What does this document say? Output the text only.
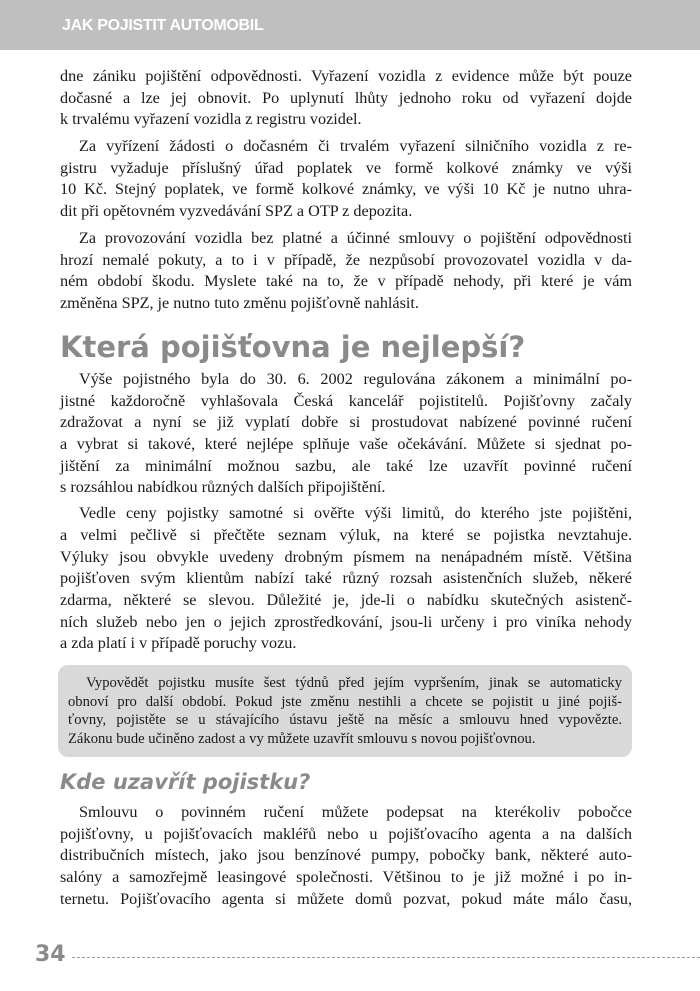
JAK POJISTIT AUTOMOBIL
dne zániku pojištění odpovědnosti. Vyřazení vozidla z evidence může být pouze
dočasné a lze jej obnovit. Po uplynutí lhůty jednoho roku od vyřazení dojde
k trvalému vyřazení vozidla z registru vozidel.
Za vyřízení žádosti o dočasném či trvalém vyřazení silničního vozidla z re-
gistru vyžaduje příslušný úřad poplatek ve formě kolkové známky ve výši
10 Kč. Stejný poplatek, ve formě kolkové známky, ve výši 10 Kč je nutno uhra-
dit při opětovném vyzvedávání SPZ a OTP z depozita.
Za provozování vozidla bez platné a účinné smlouvy o pojištění odpovědnosti
hrozí nemalé pokuty, a to i v případě, že nezpůsobí provozovatel vozidla v da-
ném období škodu. Myslete také na to, že v případě nehody, při které je vám
změněna SPZ, je nutno tuto změnu pojišťovně nahlásit.
Která pojišťovna je nejlepší?
Výše pojistného byla do 30. 6. 2002 regulována zákonem a minimální po-
jistné každoročně vyhlašovala Česká kancelář pojistitelů. Pojišťovny začaly
zdražovat a nyní se již vyplatí dobře si prostudovat nabízené povinné ručení
a vybrat si takové, které nejlépe splňuje vaše očekávání. Můžete si sjednat po-
jištění za minimální možnou sazbu, ale také lze uzavřít povinné ručení
s rozsáhlou nabídkou různých dalších připojištění.
Vedle ceny pojistky samotné si ověřte výši limitů, do kterého jste pojištěni,
a velmi pečlivě si přečtěte seznam výluk, na které se pojistka nevztahuje.
Výluky jsou obvykle uvedeny drobným písmem na nenápadném místě. Většina
pojišťoven svým klientům nabízí také různý rozsah asistenčních služeb, někeré
zdarma, některé se slevou. Důležité je, jde-li o nabídku skutečných asistenč-
ních služeb nebo jen o jejich zprostředkování, jsou-li určeny i pro viníka nehody
a zda platí i v případě poruchy vozu.
Vypovědět pojistku musíte šest týdnů před jejím vypršením, jinak se automaticky
obnoví pro další období. Pokud jste změnu nestihli a chcete se pojistit u jiné pojiš-
ťovny, pojistěte se u stávajícího ústavu ještě na měsíc a smlouvu hned vypovězte.
Zákonu bude učiněno zadost a vy můžete uzavřít smlouvu s novou pojišťovnou.
Kde uzavřít pojistku?
Smlouvu o povinném ručení můžete podepsat na kterékoliv pobočce
pojišťovny, u pojišťovacích makléřů nebo u pojišťovacího agenta a na dalších
distribučních místech, jako jsou benzínové pumpy, pobočky bank, některé auto-
salóny a samozřejmě leasingové společnosti. Většinou to je již možné i po in-
ternetu. Pojišťovacího agenta si můžete domů pozvat, pokud máte málo času,
34
